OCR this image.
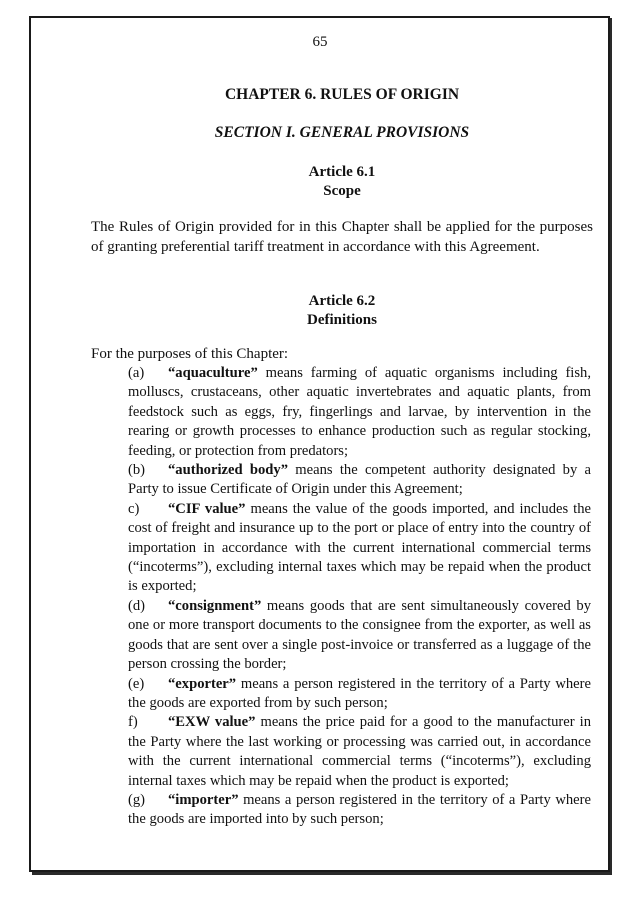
65
CHAPTER 6. RULES OF ORIGIN
SECTION I. GENERAL PROVISIONS
Article 6.1
Scope
The Rules of Origin provided for in this Chapter shall be applied for the purposes of granting preferential tariff treatment in accordance with this Agreement.
Article 6.2
Definitions
For the purposes of this Chapter:

(a) “aquaculture” means farming of aquatic organisms including fish, molluscs, crustaceans, other aquatic invertebrates and aquatic plants, from feedstock such as eggs, fry, fingerlings and larvae, by intervention in the rearing or growth processes to enhance production such as regular stocking, feeding, or protection from predators;

(b) “authorized body” means the competent authority designated by a Party to issue Certificate of Origin under this Agreement;

c) “CIF value” means the value of the goods imported, and includes the cost of freight and insurance up to the port or place of entry into the country of importation in accordance with the current international commercial terms (“incoterms”), excluding internal taxes which may be repaid when the product is exported;

(d) “consignment” means goods that are sent simultaneously covered by one or more transport documents to the consignee from the exporter, as well as goods that are sent over a single post-invoice or transferred as a luggage of the person crossing the border;

(e) “exporter” means a person registered in the territory of a Party where the goods are exported from by such person;

f) “EXW value” means the price paid for a good to the manufacturer in the Party where the last working or processing was carried out, in accordance with the current international commercial terms (“incoterms”), excluding internal taxes which may be repaid when the product is exported;

(g) “importer” means a person registered in the territory of a Party where the goods are imported into by such person;
